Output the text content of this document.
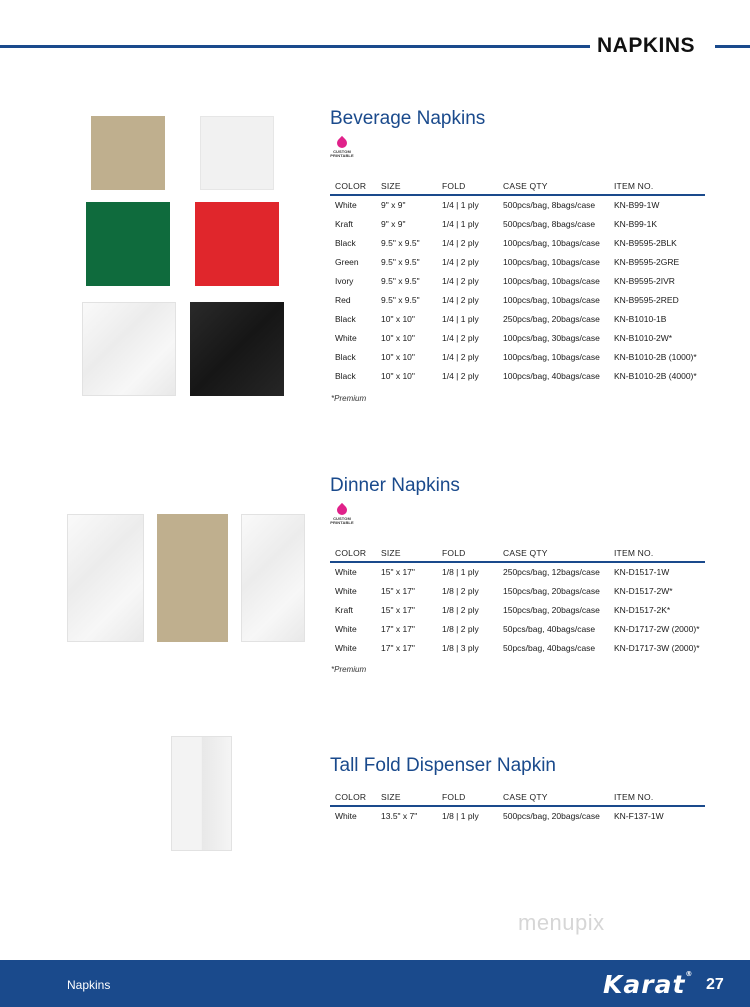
NAPKINS
Beverage Napkins
CUSTOM PRINTABLE
COLOR	SIZE	FOLD	CASE QTY	ITEM NO.
White	9" x 9"	1/4 | 1 ply	500pcs/bag, 8bags/case	KN-B99-1W
Kraft	9" x 9"	1/4 | 1 ply	500pcs/bag, 8bags/case	KN-B99-1K
Black	9.5" x 9.5"	1/4 | 2 ply	100pcs/bag, 10bags/case	KN-B9595-2BLK
Green	9.5" x 9.5"	1/4 | 2 ply	100pcs/bag, 10bags/case	KN-B9595-2GRE
Ivory	9.5" x 9.5"	1/4 | 2 ply	100pcs/bag, 10bags/case	KN-B9595-2IVR
Red	9.5" x 9.5"	1/4 | 2 ply	100pcs/bag, 10bags/case	KN-B9595-2RED
Black	10" x 10"	1/4 | 1 ply	250pcs/bag, 20bags/case	KN-B1010-1B
White	10" x 10"	1/4 | 2 ply	100pcs/bag, 30bags/case	KN-B1010-2W*
Black	10" x 10"	1/4 | 2 ply	100pcs/bag, 10bags/case	KN-B1010-2B (1000)*
Black	10" x 10"	1/4 | 2 ply	100pcs/bag, 40bags/case	KN-B1010-2B (4000)*
*Premium
Dinner Napkins
CUSTOM PRINTABLE
COLOR	SIZE	FOLD	CASE QTY	ITEM NO.
White	15" x 17"	1/8 | 1 ply	250pcs/bag, 12bags/case	KN-D1517-1W
White	15" x 17"	1/8 | 2 ply	150pcs/bag, 20bags/case	KN-D1517-2W*
Kraft	15" x 17"	1/8 | 2 ply	150pcs/bag, 20bags/case	KN-D1517-2K*
White	17" x 17"	1/8 | 2 ply	50pcs/bag, 40bags/case	KN-D1717-2W (2000)*
White	17" x 17"	1/8 | 3 ply	50pcs/bag, 40bags/case	KN-D1717-3W (2000)*
*Premium
Tall Fold Dispenser Napkin
COLOR	SIZE	FOLD	CASE QTY	ITEM NO.
White	13.5" x 7"	1/8 | 1 ply	500pcs/bag, 20bags/case	KN-F137-1W
menupix
Napkins	Karat®
27
